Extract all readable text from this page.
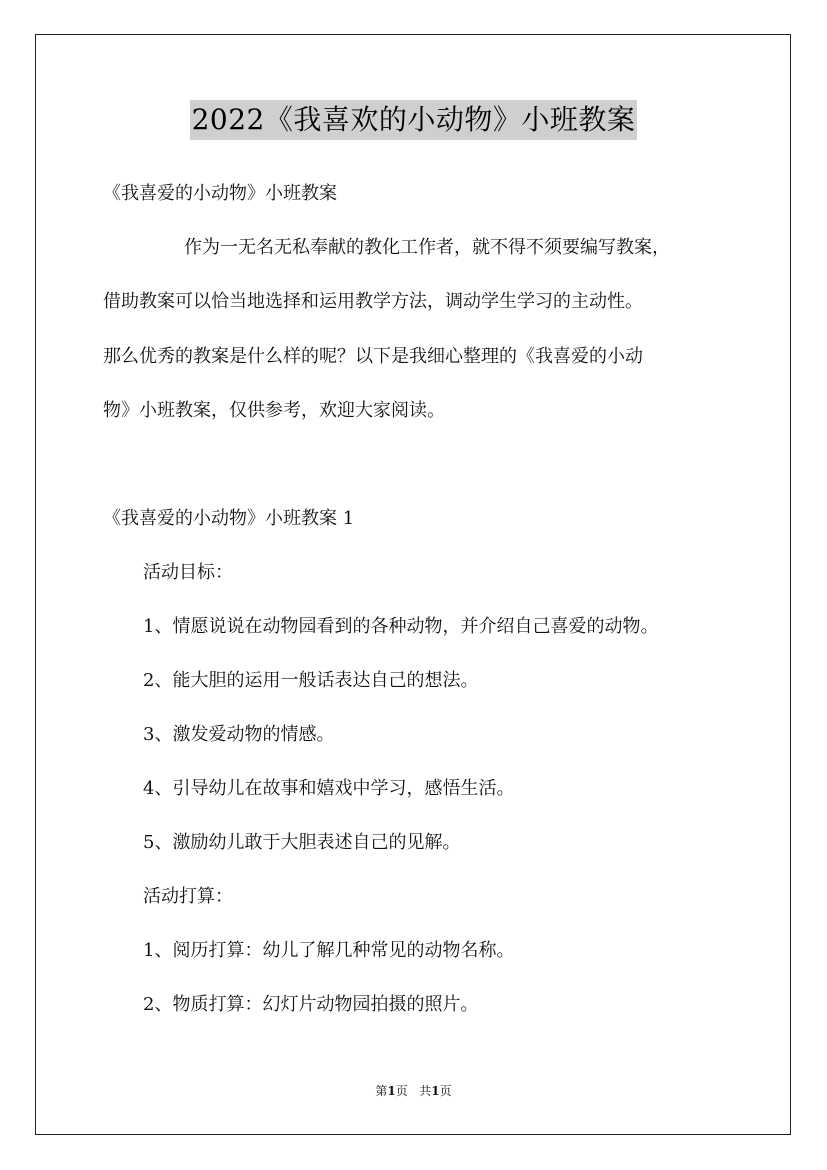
2022《我喜欢的小动物》小班教案
《我喜爱的小动物》小班教案
作为一无名无私奉献的教化工作者，就不得不须要编写教案，
借助教案可以恰当地选择和运用教学方法，调动学生学习的主动性。
那么优秀的教案是什么样的呢？以下是我细心整理的《我喜爱的小动
物》小班教案，仅供参考，欢迎大家阅读。
《我喜爱的小动物》小班教案 1
活动目标：
1、情愿说说在动物园看到的各种动物，并介绍自己喜爱的动物。
2、能大胆的运用一般话表达自己的想法。
3、激发爱动物的情感。
4、引导幼儿在故事和嬉戏中学习，感悟生活。
5、激励幼儿敢于大胆表述自己的见解。
活动打算：
1、阅历打算：幼儿了解几种常见的动物名称。
2、物质打算：幻灯片动物园拍摄的照片。
第1页 共1页
